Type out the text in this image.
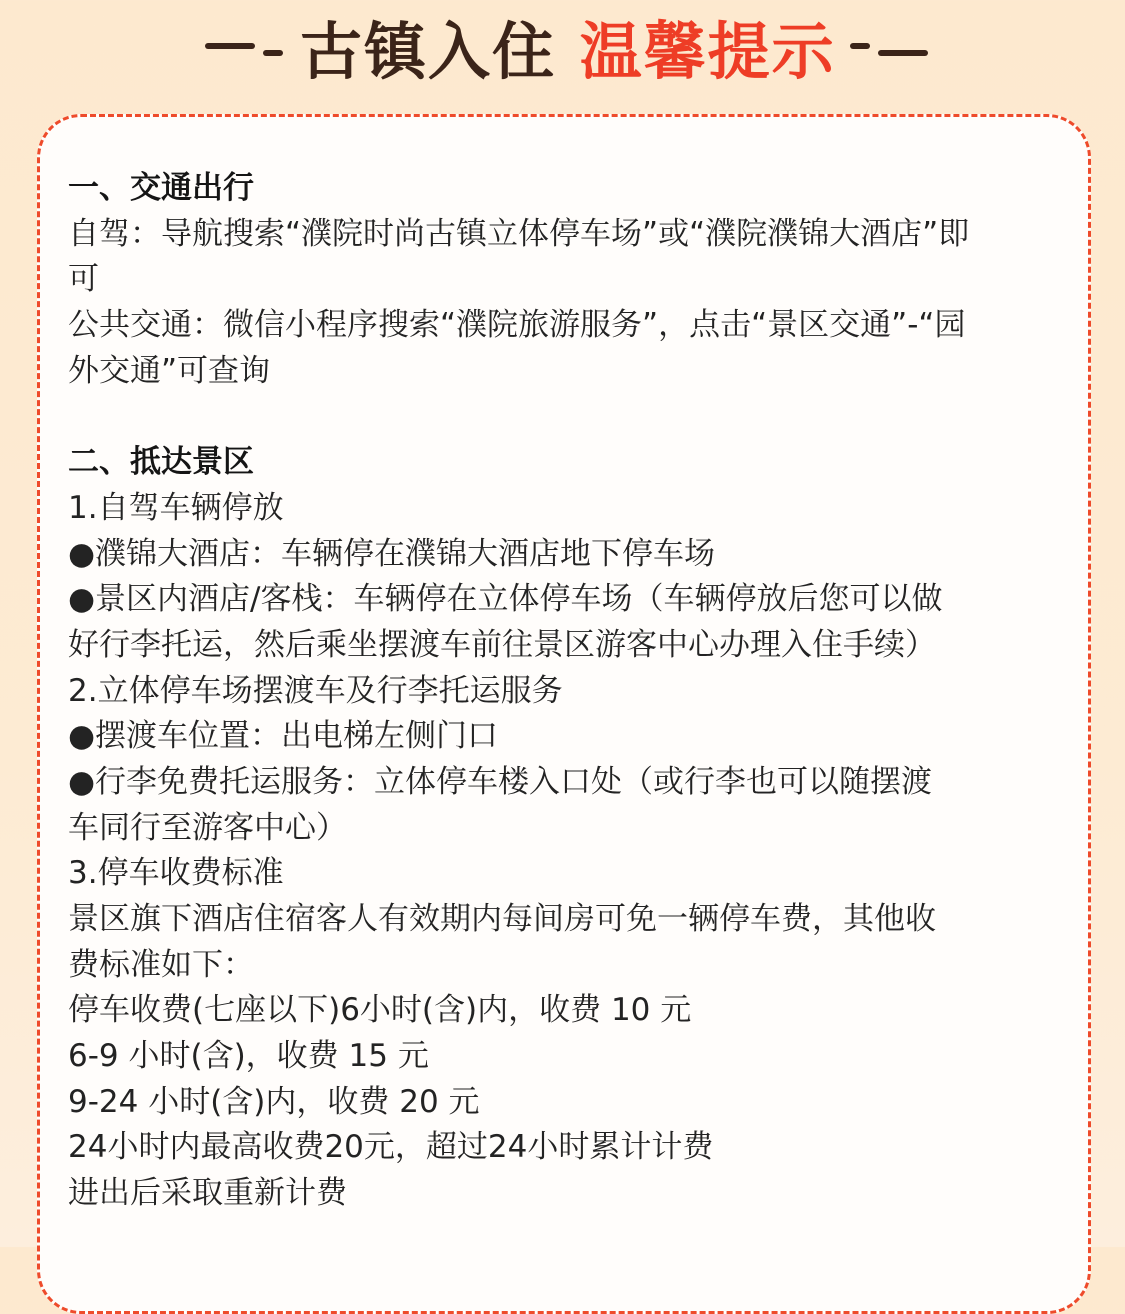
古镇入住 温馨提示
一、交通出行
自驾：导航搜索“濮院时尚古镇立体停车场”或“濮院濮锦大酒店”即
可
公共交通：微信小程序搜索“濮院旅游服务”，点击“景区交通”-“园
外交通”可查询
二、抵达景区
1.自驾车辆停放
●濮锦大酒店：车辆停在濮锦大酒店地下停车场
●景区内酒店/客栈：车辆停在立体停车场（车辆停放后您可以做
好行李托运，然后乘坐摆渡车前往景区游客中心办理入住手续）
2.立体停车场摆渡车及行李托运服务
●摆渡车位置：出电梯左侧门口
●行李免费托运服务：立体停车楼入口处（或行李也可以随摆渡
车同行至游客中心）
3.停车收费标准
景区旗下酒店住宿客人有效期内每间房可免一辆停车费，其他收
费标准如下：
停车收费(七座以下)6小时(含)内，收费 10 元
6-9 小时(含)，收费 15 元
9-24 小时(含)内，收费 20 元
24小时内最高收费20元，超过24小时累计计费
进出后采取重新计费
